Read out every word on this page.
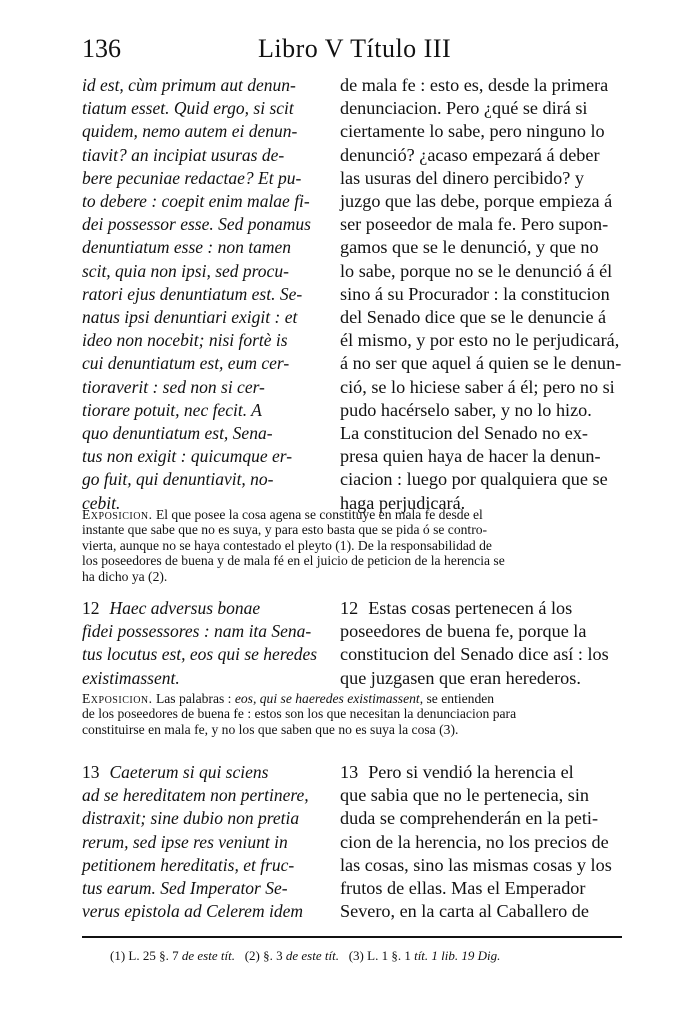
136	Libro V Título III
id est, cùm primum aut denun-
tiatum esset. Quid ergo, si scit
quidem, nemo autem ei denun-
tiavit? an incipiat usuras de-
bere pecuniae redactae? Et pu-
to debere : coepit enim malae fi-
dei possessor esse. Sed ponamus
denuntiatum esse : non tamen
scit, quia non ipsi, sed procu-
ratori ejus denuntiatum est. Se-
natus ipsi denuntiari exigit : et
ideo non nocebit; nisi fortè is
cui denuntiatum est, eum cer-
tioraverit : sed non si cer-
tiorare potuit, nec fecit. A
quo denuntiatum est, Sena-
tus non exigit : quicumque er-
go fuit, qui denuntiavit, no-
cebit.
de mala fe : esto es, desde la primera
denunciacion. Pero ¿qué se dirá si
ciertamente lo sabe, pero ninguno lo
denunció? ¿acaso empezará á deber
las usuras del dinero percibido? y
juzgo que las debe, porque empieza á
ser poseedor de mala fe. Pero supon-
gamos que se le denunció, y que no
lo sabe, porque no se le denunció á él
sino á su Procurador : la constitucion
del Senado dice que se le denuncie á
él mismo, y por esto no le perjudicará,
á no ser que aquel á quien se le denun-
ció, se lo hiciese saber á él; pero no si
pudo hacérselo saber, y no lo hizo.
La constitucion del Senado no ex-
presa quien haya de hacer la denun-
ciacion : luego por qualquiera que se
haga perjudicará.
Exposicion. El que posee la cosa agena se constituye en mala fe desde el
instante que sabe que no es suya, y para esto basta que se pida ó se contro-
vierta, aunque no se haya contestado el pleyto (1). De la responsabilidad de
los poseedores de buena y de mala fé en el juicio de peticion de la herencia se
ha dicho ya (2).
12 Haec adversus bonae
fidei possessores : nam ita Sena-
tus locutus est, eos qui se heredes
existimassent.
12 Estas cosas pertenecen á los
poseedores de buena fe, porque la
constitucion del Senado dice así : los
que juzgasen que eran herederos.
Exposicion. Las palabras : eos, qui se haeredes existimassent, se entienden
de los poseedores de buena fe : estos son los que necesitan la denunciacion para
constituirse en mala fe, y no los que saben que no es suya la cosa (3).
13 Caeterum si qui sciens
ad se hereditatem non pertinere,
distraxit; sine dubio non pretia
rerum, sed ipse res veniunt in
petitionem hereditatis, et fruc-
tus earum. Sed Imperator Se-
verus epistola ad Celerem idem
13 Pero si vendió la herencia el
que sabia que no le pertenecia, sin
duda se comprehenderán en la peti-
cion de la herencia, no los precios de
las cosas, sino las mismas cosas y los
frutos de ellas. Mas el Emperador
Severo, en la carta al Caballero de
(1) L. 25 §. 7 de este tít. (2) §. 3 de este tít. (3) L. 1 §. 1 tít. 1 lib. 19 Dig.
